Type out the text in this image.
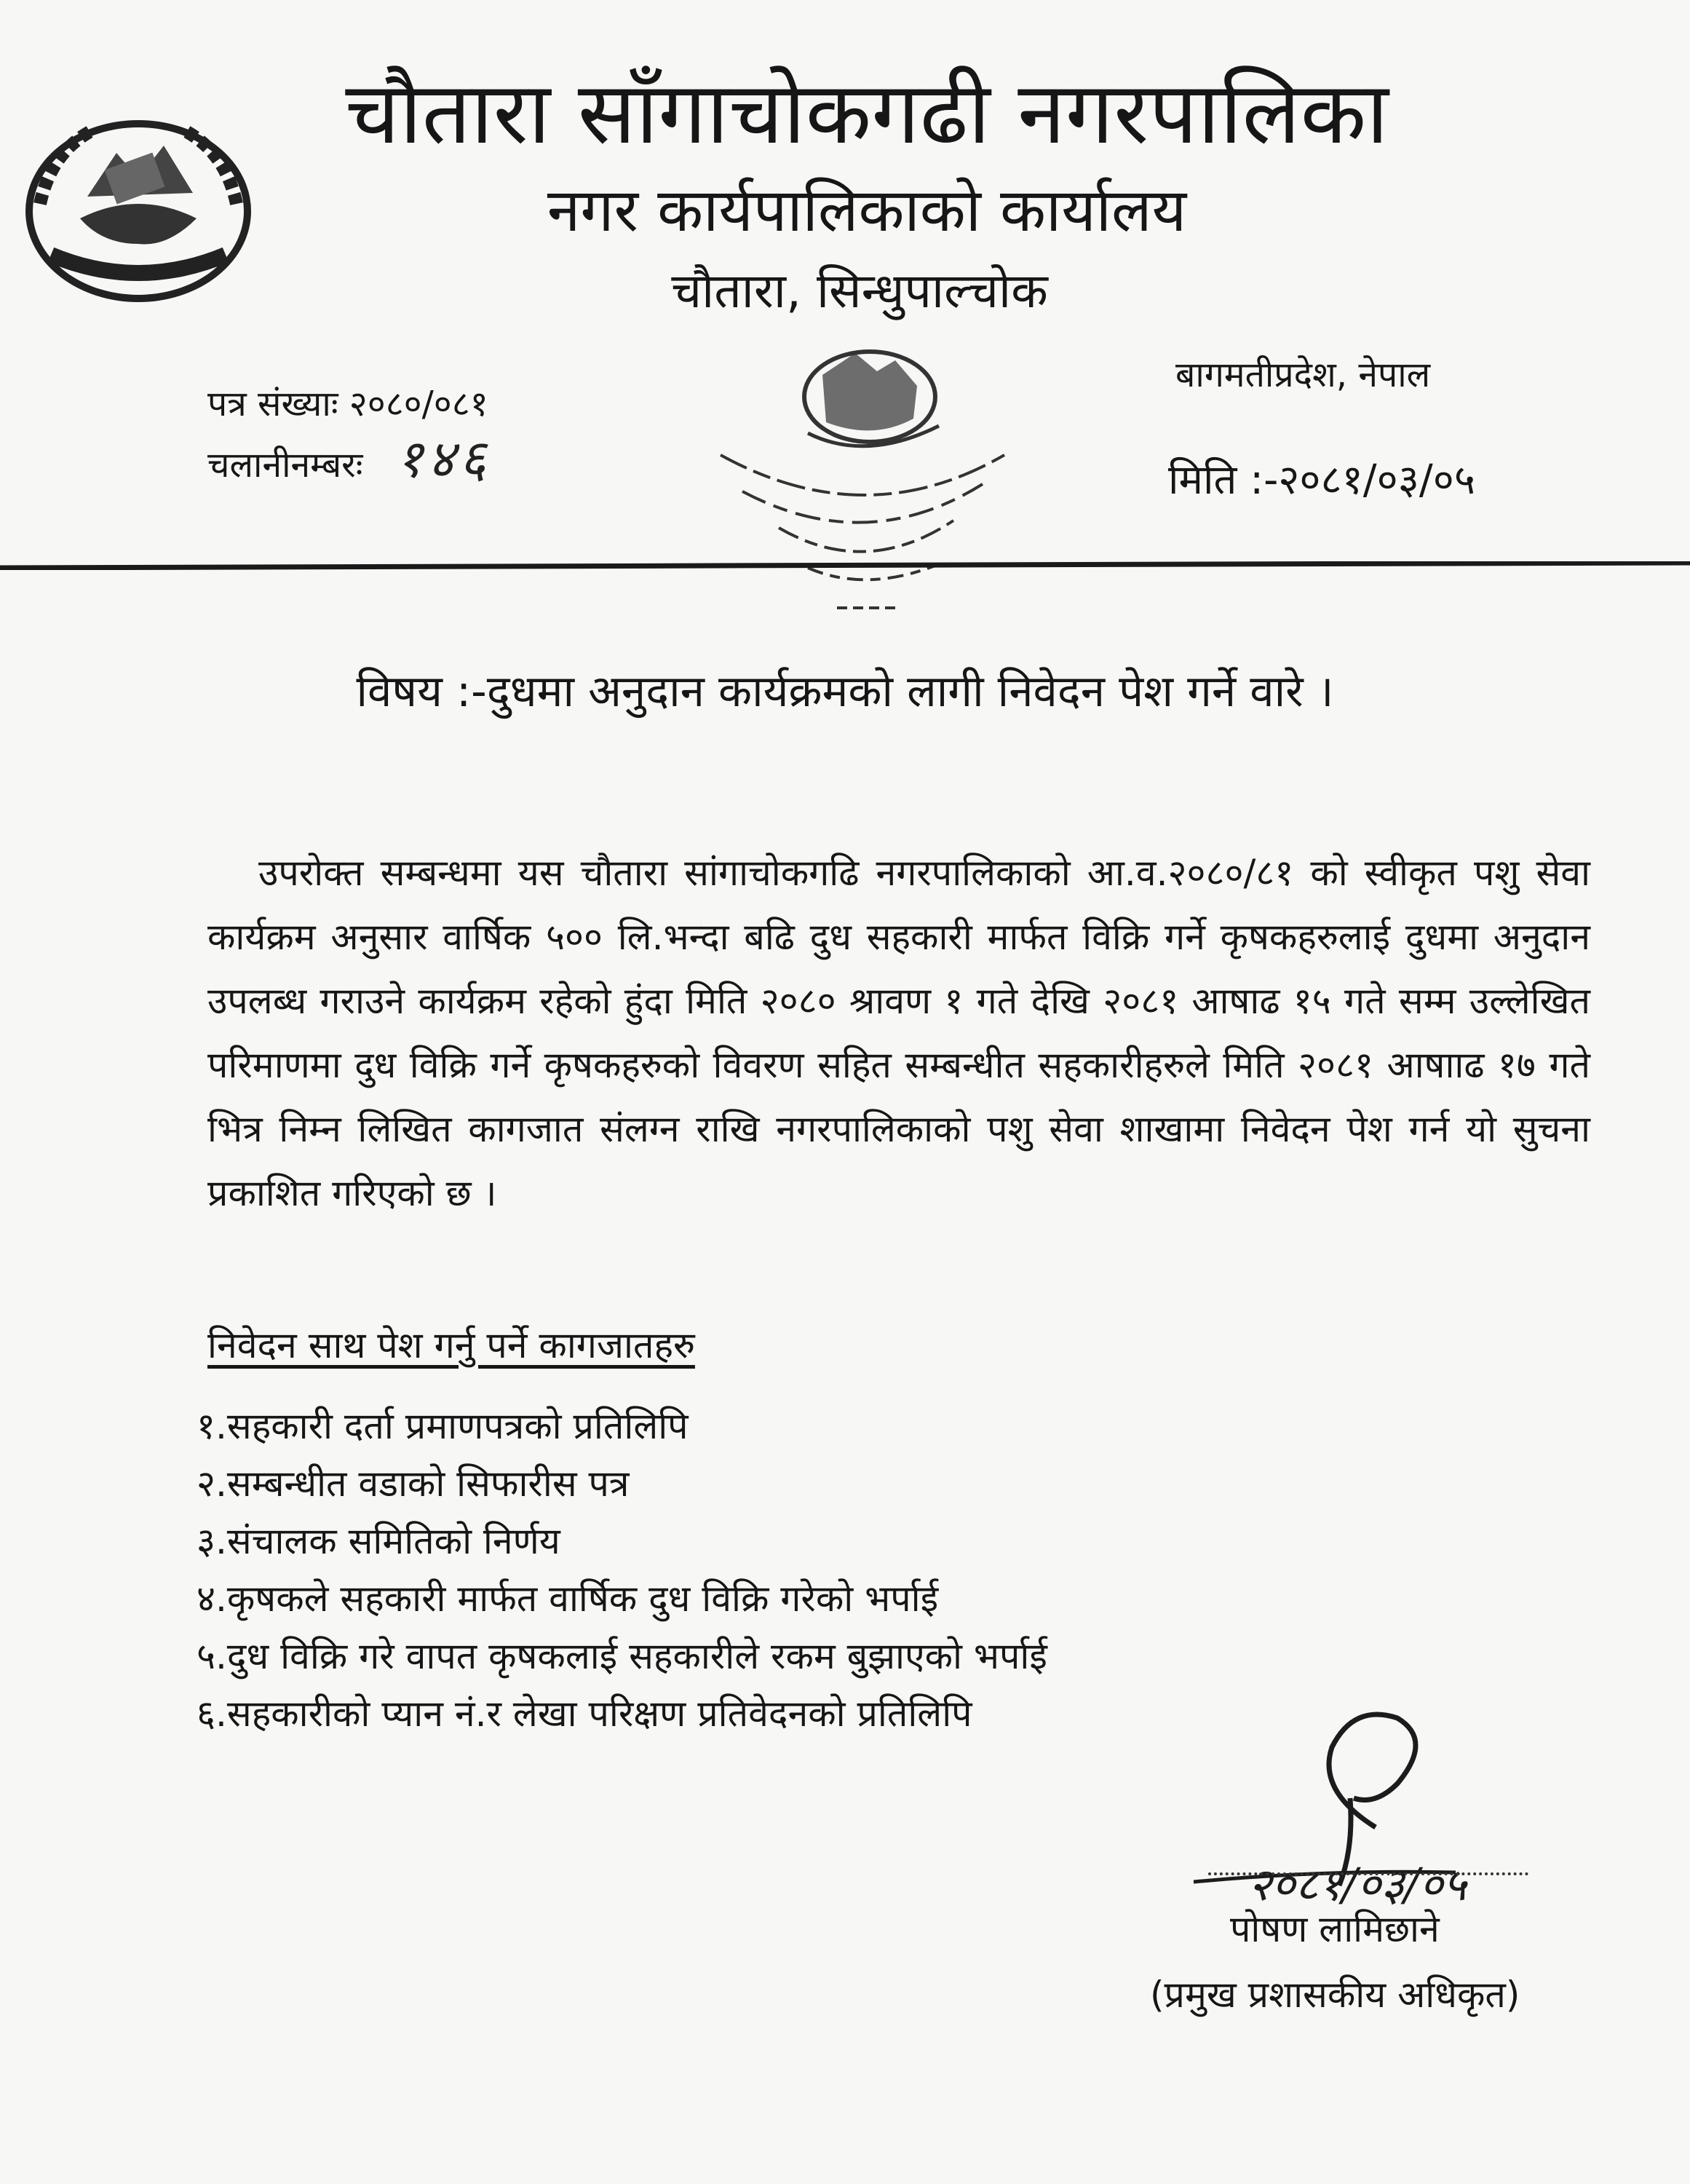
चौतारा साँगाचोकगढी नगरपालिका
नगर कार्यपालिकाको कार्यालय
चौतारा, सिन्धुपाल्चोक
पत्र संख्याः २०८०/०८१
चलानीनम्बरः १४६
बागमतीप्रदेश, नेपाल
मिति :-२०८१/०३/०५
विषय :-दुधमा अनुदान कार्यक्रमको लागी निवेदन पेश गर्ने वारे ।
उपरोक्त सम्बन्धमा यस चौतारा सांगाचोकगढि नगरपालिकाको आ.व.२०८०/८१ को स्वीकृत पशु सेवा कार्यक्रम अनुसार वार्षिक ५०० लि.भन्दा बढि दुध सहकारी मार्फत विक्रि गर्ने कृषकहरुलाई दुधमा अनुदान उपलब्ध गराउने कार्यक्रम रहेको हुंदा मिति २०८० श्रावण १ गते देखि २०८१ आषाढ १५ गते सम्म उल्लेखित परिमाणमा दुध विक्रि गर्ने कृषकहरुको विवरण सहित सम्बन्धीत सहकारीहरुले मिति २०८१ आषााढ १७ गते भित्र निम्न लिखित कागजात संलग्न राखि नगरपालिकाको पशु सेवा शाखामा निवेदन पेश गर्न यो सुचना प्रकाशित गरिएको छ ।
निवेदन साथ पेश गर्नु पर्ने कागजातहरु
१.सहकारी दर्ता प्रमाणपत्रको प्रतिलिपि
२.सम्बन्धीत वडाको सिफारीस पत्र
३.संचालक समितिको निर्णय
४.कृषकले सहकारी मार्फत वार्षिक दुध विक्रि गरेको भर्पाई
५.दुध विक्रि गरे वापत कृषकलाई सहकारीले रकम बुझाएको भर्पाई
६.सहकारीको प्यान नं.र लेखा परिक्षण प्रतिवेदनको प्रतिलिपि
२०८१/०३/०५
पोषण लामिछाने
(प्रमुख प्रशासकीय अधिकृत)
